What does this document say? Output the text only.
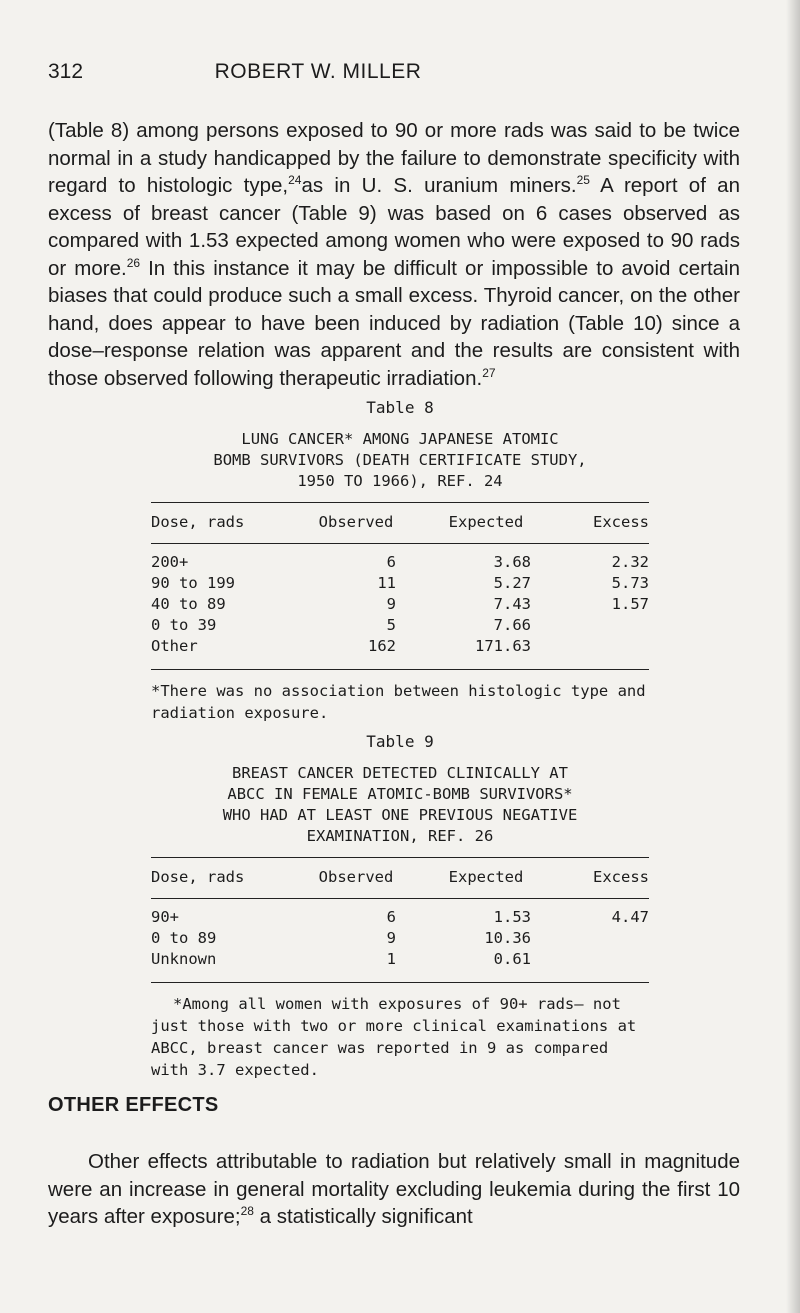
312	ROBERT W. MILLER

(Table 8) among persons exposed to 90 or more rads was said to be twice normal in a study handicapped by the failure to demonstrate specificity with regard to histologic type,$^{24}$as in U. S. uranium miners.$^{25}$ A report of an excess of breast cancer (Table 9) was based on 6 cases observed as compared with 1.53 expected among women who were exposed to 90 rads or more.$^{26}$ In this instance it may be difficult or impossible to avoid certain biases that could produce such a small excess. Thyroid cancer, on the other hand, does appear to have been induced by radiation (Table 10) since a dose–response relation was apparent and the results are consistent with those observed following therapeutic irradiation.$^{27}$

Table 8
LUNG CANCER* AMONG JAPANESE ATOMIC
BOMB SURVIVORS (DEATH CERTIFICATE STUDY,
1950 TO 1966), REF. 24
Dose, rads	Observed	Expected	Excess
200+	6	3.68	2.32
90 to 199	11	5.27	5.73
40 to 89	9	7.43	1.57
0 to 39	5	7.66
Other	162	171.63
*There was no association between histologic type and radiation exposure.
Table 9
BREAST CANCER DETECTED CLINICALLY AT
ABCC IN FEMALE ATOMIC-BOMB SURVIVORS*
WHO HAD AT LEAST ONE PREVIOUS NEGATIVE
EXAMINATION, REF. 26
Dose, rads	Observed	Expected	Excess
90+	6	1.53	4.47
0 to 89	9	10.36
Unknown	1	0.61
*Among all women with exposures of 90+ rads— not just those with two or more clinical examinations at ABCC, breast cancer was reported in 9 as compared with 3.7 expected.
OTHER EFFECTS

Other effects attributable to radiation but relatively small in magnitude were an increase in general mortality excluding leukemia during the first 10 years after exposure;$^{28}$ a statistically significant
